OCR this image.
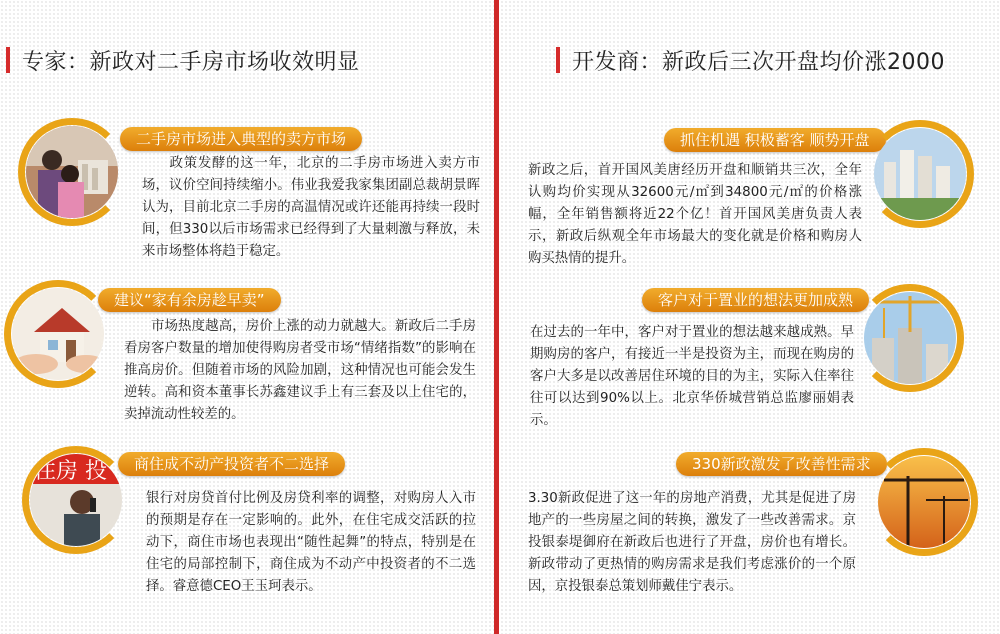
专家：新政对二手房市场收效明显
二手房市场进入典型的卖方市场

政策发酵的这一年，北京的二手房市场进入卖方市场，议价空间持续缩小。伟业我爱我家集团副总裁胡景晖认为，目前北京二手房的高温情况或许还能再持续一段时间，但330以后市场需求已经得到了大量刺激与释放，未来市场整体将趋于稳定。

建议“家有余房趁早卖”

市场热度越高，房价上涨的动力就越大。新政后二手房看房客户数量的增加使得购房者受市场“情绪指数”的影响在推高房价。但随着市场的风险加剧，这种情况也可能会发生逆转。高和资本董事长苏鑫建议手上有三套及以上住宅的，卖掉流动性较差的。

住房 投	商住成不动产投资者不二选择

银行对房贷首付比例及房贷利率的调整，对购房人入市的预期是存在一定影响的。此外，在住宅成交活跃的拉动下，商住市场也表现出“随性起舞”的特点，特别是在住宅的局部控制下，商住成为不动产中投资者的不二选择。睿意德CEO王玉珂表示。

开发商：新政后三次开盘均价涨2000
抓住机遇 积极蓄客 顺势开盘

新政之后，首开国风美唐经历开盘和顺销共三次，全年认购均价实现从32600元/㎡到34800元/㎡的价格涨幅，全年销售额将近22个亿！首开国风美唐负责人表示，新政后纵观全年市场最大的变化就是价格和购房人购买热情的提升。

客户对于置业的想法更加成熟

在过去的一年中，客户对于置业的想法越来越成熟。早期购房的客户，有接近一半是投资为主，而现在购房的客户大多是以改善居住环境的目的为主，实际入住率往往可以达到90%以上。北京华侨城营销总监廖丽娟表示。

330新政激发了改善性需求

3.30新政促进了这一年的房地产消费，尤其是促进了房地产的一些房屋之间的转换，激发了一些改善需求。京投银泰堤御府在新政后也进行了开盘，房价也有增长。新政带动了更热情的购房需求是我们考虑涨价的一个原因，京投银泰总策划师戴佳宁表示。
